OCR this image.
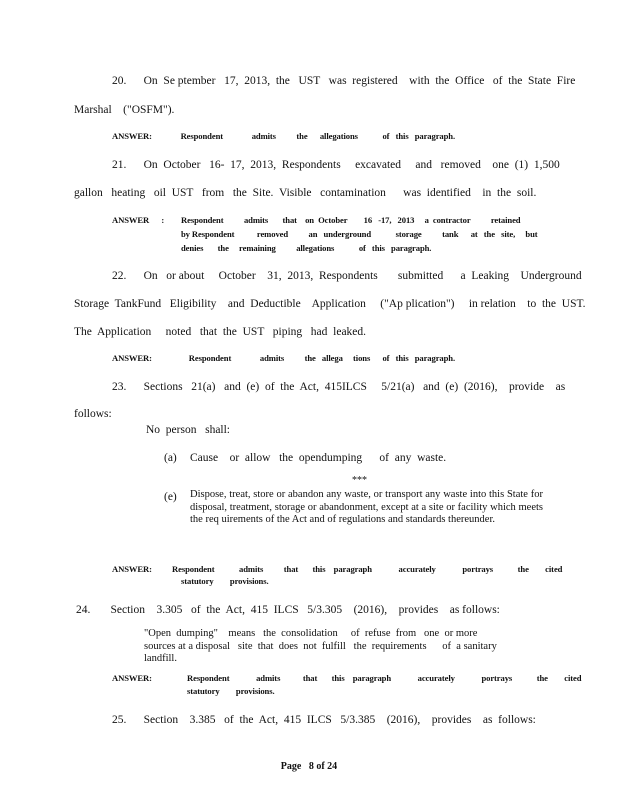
20.      On  Se ptember   17,  2013,  the   UST   was  registered    with  the  Office   of  the  State  Fire
Marshal    ("OSFM").
ANSWER:              Respondent              admits          the      allegations            of   this   paragraph.
21.      On  October   16-  17,  2013,  Respondents     excavated     and   removed    one  (1)  1,500
gallon   heating   oil  UST   from   the  Site.  Visible   contamination      was  identified    in  the  soil.
ANSWER      : Respondent          admits       that    on  October        16   -17,   2013     a  contractor          retained
by Respondent           removed          an   underground            storage          tank      at   the   site,     but
denies       the     remaining          allegations            of   this   paragraph.
22.      On   or about     October    31,  2013,  Respondents       submitted      a  Leaking    Underground
Storage  TankFund   Eligibility    and  Deductible    Application     ("Ap plication")     in relation    to  the  UST.
The  Application     noted   that  the  UST   piping   had  leaked.
ANSWER:                  Respondent              admits          the   allega     tions      of   this   paragraph.
23.      Sections   21(a)   and  (e)  of  the  Act,  415ILCS     5/21(a)   and  (e)  (2016),    provide    as
follows:
No  person   shall:
(a) Cause    or  allow   the  opendumping      of  any  waste.
***
(e) Dispose, treat, store or abandon any waste, or transport any waste into this State for disposal, treatment, storage or abandonment, except at a site or facility which meets the req uirements of the Act and of regulations and standards thereunder.
ANSWER: Respondent            admits          that       this    paragraph             accurately             portrays            the        cited
statutory        provisions.
24.       Section    3.305   of  the  Act,  415  ILCS   5/3.305    (2016),    provides    as follows:
"Open  dumping"    means   the  consolidation     of  refuse  from   one  or more   sources at a disposal   site  that  does  not  fulfill   the  requirements      of  a sanitary    landfill.
ANSWER:	Respondent             admits           that       this    paragraph             accurately             portrays            the        cited
statutory        provisions.
25.      Section    3.385   of  the  Act,  415  ILCS   5/3.385    (2016),    provides    as  follows:
Page   8 of 24
